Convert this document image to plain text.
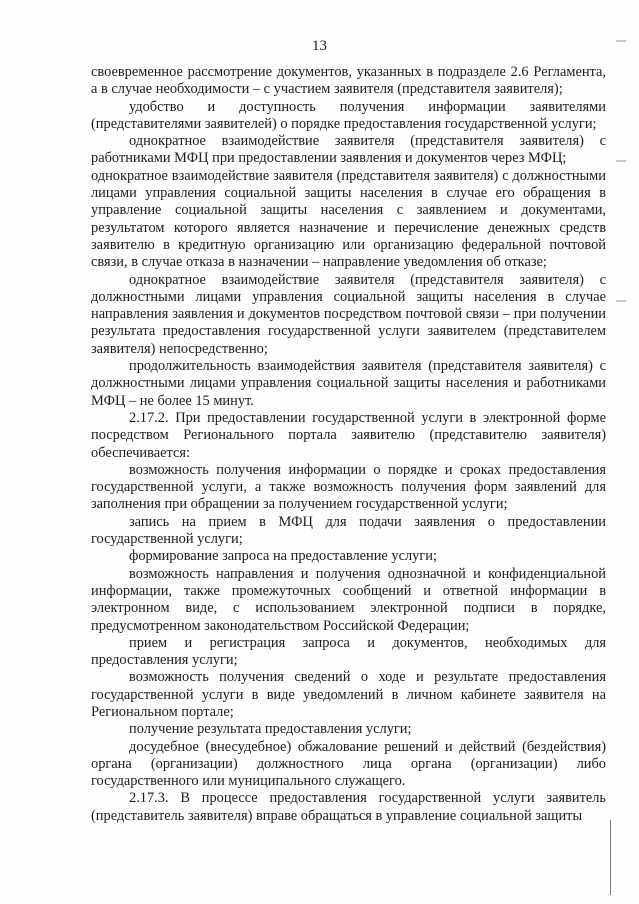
13

своевременное рассмотрение документов, указанных в подразделе 2.6 Регламента, а в случае необходимости – с участием заявителя (представителя заявителя);

удобство и доступность получения информации заявителями (представителями заявителей) о порядке предоставления государственной услуги;

однократное взаимодействие заявителя (представителя заявителя) с работниками МФЦ при предоставлении заявления и документов через МФЦ;

однократное взаимодействие заявителя (представителя заявителя) с должностными лицами управления социальной защиты населения в случае его обращения в управление социальной защиты населения с заявлением и документами, результатом которого является назначение и перечисление денежных средств заявителю в кредитную организацию или организацию федеральной почтовой связи, в случае отказа в назначении – направление уведомления об отказе;

однократное взаимодействие заявителя (представителя заявителя) с должностными лицами управления социальной защиты населения в случае направления заявления и документов посредством почтовой связи – при получении результата предоставления государственной услуги заявителем (представителем заявителя) непосредственно;

продолжительность взаимодействия заявителя (представителя заявителя) с должностными лицами управления социальной защиты населения и работниками МФЦ – не более 15 минут.

2.17.2. При предоставлении государственной услуги в электронной форме посредством Регионального портала заявителю (представителю заявителя) обеспечивается:

возможность получения информации о порядке и сроках предоставления государственной услуги, а также возможность получения форм заявлений для заполнения при обращении за получением государственной услуги;

запись на прием в МФЦ для подачи заявления о предоставлении государственной услуги;

формирование запроса на предоставление услуги;

возможность направления и получения однозначной и конфиденциальной информации, также промежуточных сообщений и ответной информации в электронном виде, с использованием электронной подписи в порядке, предусмотренном законодательством Российской Федерации;

прием и регистрация запроса и документов, необходимых для предоставления услуги;

возможность получения сведений о ходе и результате предоставления государственной услуги в виде уведомлений в личном кабинете заявителя на Региональном портале;

получение результата предоставления услуги;

досудебное (внесудебное) обжалование решений и действий (бездействия) органа (организации) должностного лица органа (организации) либо государственного или муниципального служащего.

2.17.3. В процессе предоставления государственной услуги заявитель (представитель заявителя) вправе обращаться в управление социальной защиты
